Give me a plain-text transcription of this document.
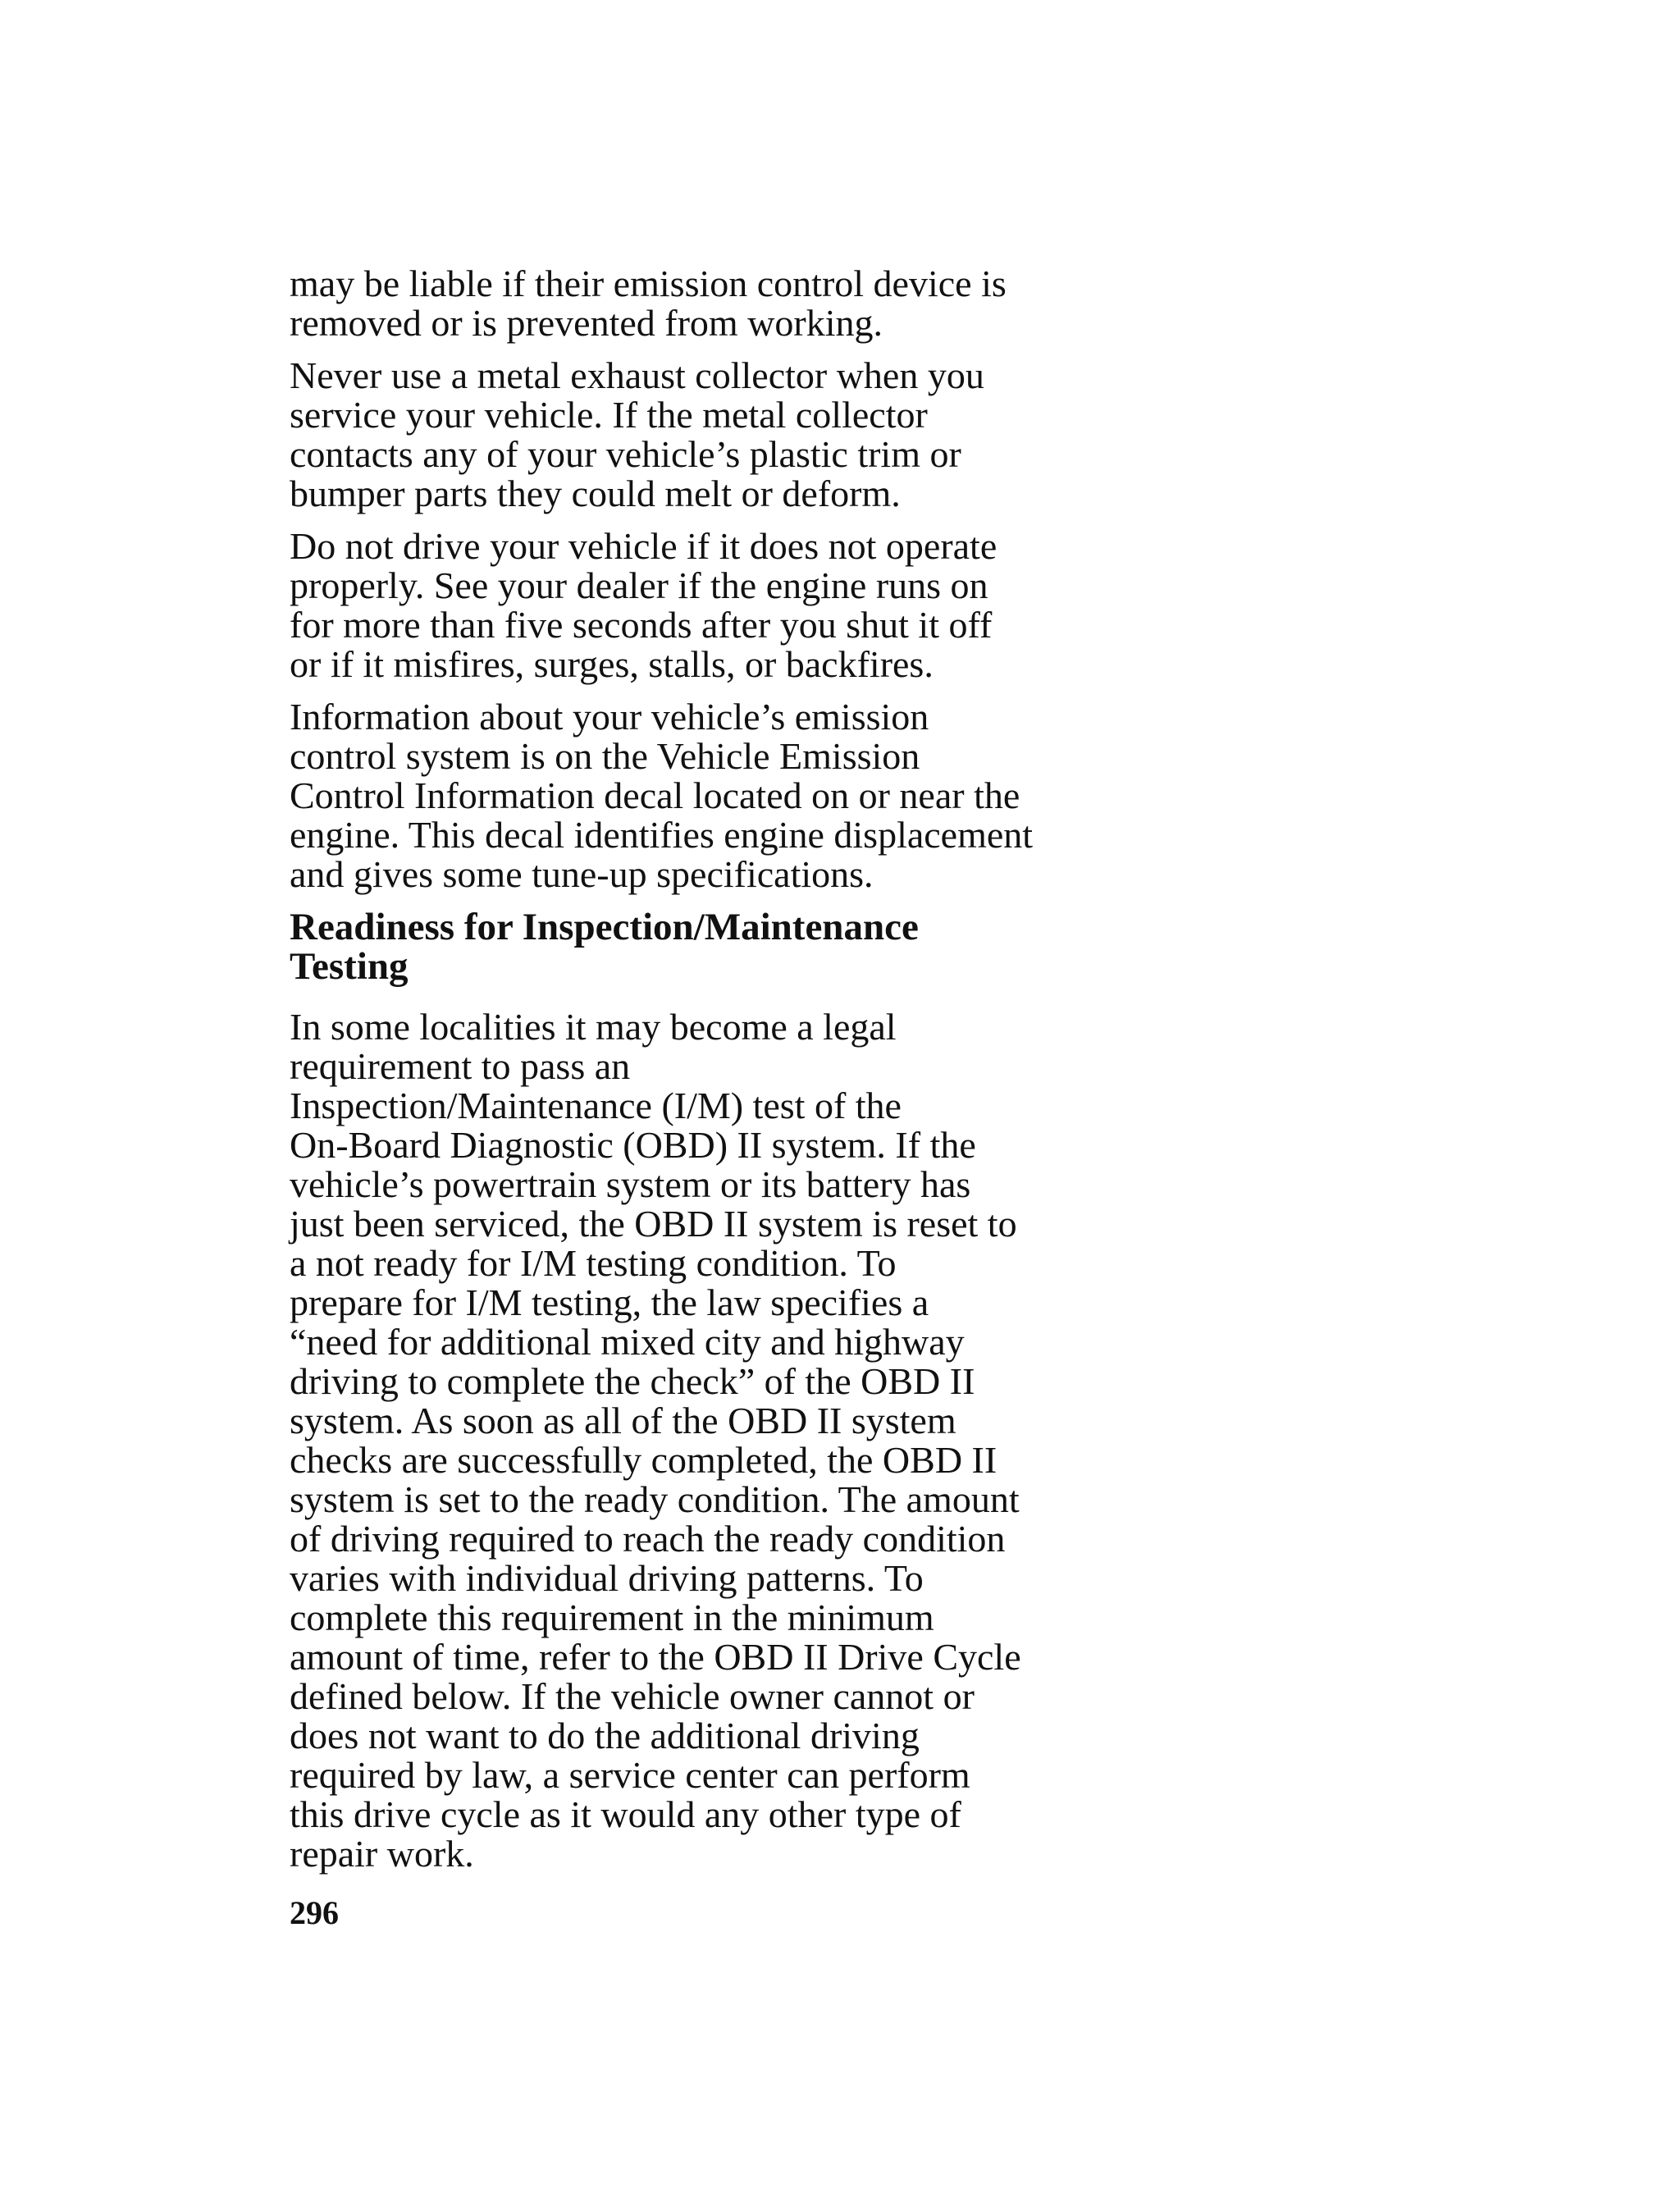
may be liable if their emission control device is
removed or is prevented from working.

Never use a metal exhaust collector when you
service your vehicle. If the metal collector
contacts any of your vehicle’s plastic trim or
bumper parts they could melt or deform.

Do not drive your vehicle if it does not operate
properly. See your dealer if the engine runs on
for more than five seconds after you shut it off
or if it misfires, surges, stalls, or backfires.

Information about your vehicle’s emission
control system is on the Vehicle Emission
Control Information decal located on or near the
engine. This decal identifies engine displacement
and gives some tune-up specifications.

Readiness for Inspection/Maintenance
Testing

In some localities it may become a legal
requirement to pass an
Inspection/Maintenance (I/M) test of the
On-Board Diagnostic (OBD) II system. If the
vehicle’s powertrain system or its battery has
just been serviced, the OBD II system is reset to
a not ready for I/M testing condition. To
prepare for I/M testing, the law specifies a
“need for additional mixed city and highway
driving to complete the check” of the OBD II
system. As soon as all of the OBD II system
checks are successfully completed, the OBD II
system is set to the ready condition. The amount
of driving required to reach the ready condition
varies with individual driving patterns. To
complete this requirement in the minimum
amount of time, refer to the OBD II Drive Cycle
defined below. If the vehicle owner cannot or
does not want to do the additional driving
required by law, a service center can perform
this drive cycle as it would any other type of
repair work.

296
